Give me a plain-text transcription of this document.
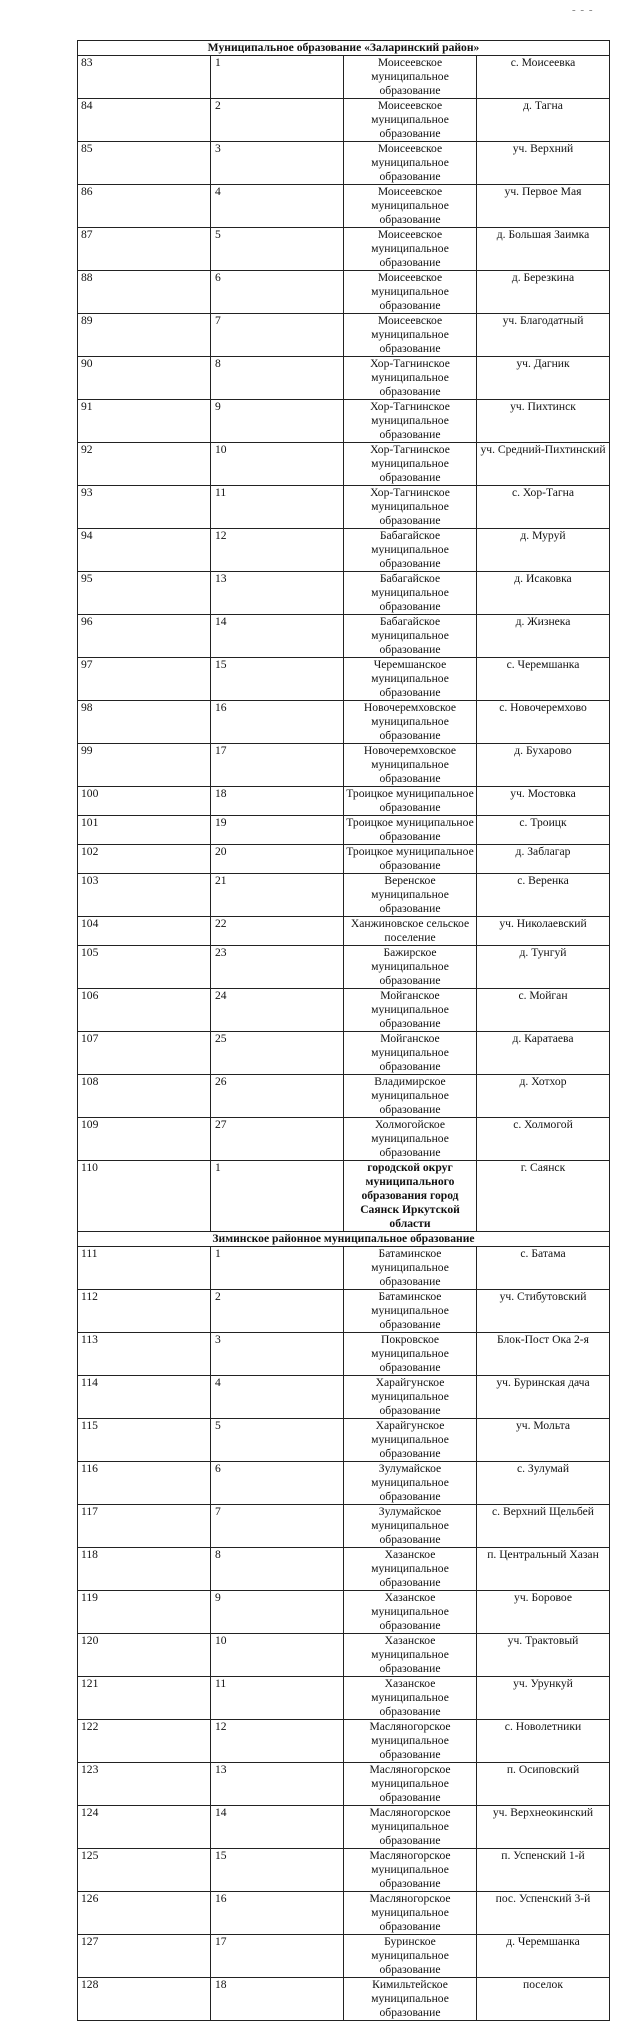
- - -
Муниципальное образование «Заларинский район»			
83	1	Моисеевское муниципальное образование	с. Моисеевка
84	2	Моисеевское муниципальное образование	д. Тагна
85	3	Моисеевское муниципальное образование	уч. Верхний
86	4	Моисеевское муниципальное образование	уч. Первое Мая
87	5	Моисеевское муниципальное образование	д. Большая Заимка
88	6	Моисеевское муниципальное образование	д. Березкина
89	7	Моисеевское муниципальное образование	уч. Благодатный
90	8	Хор-Тагнинское муниципальное образование	уч. Дагник
91	9	Хор-Тагнинское муниципальное образование	уч. Пихтинск
92	10	Хор-Тагнинское муниципальное образование	уч. Средний-Пихтинский
93	11	Хор-Тагнинское муниципальное образование	с. Хор-Тагна
94	12	Бабагайское муниципальное образование	д. Муруй
95	13	Бабагайское муниципальное образование	д. Исаковка
96	14	Бабагайское муниципальное образование	д. Жизнека
97	15	Черемшанское муниципальное образование	с. Черемшанка
98	16	Новочеремховское муниципальное образование	с. Новочеремхово
99	17	Новочеремховское муниципальное образование	д. Бухарово
100	18	Троицкое муниципальное образование	уч. Мостовка
101	19	Троицкое муниципальное образование	с. Троицк
102	20	Троицкое муниципальное образование	д. Заблагар
103	21	Веренское муниципальное образование	с. Веренка
104	22	Ханжиновское сельское поселение	уч. Николаевский
105	23	Бажирское муниципальное образование	д. Тунгуй
106	24	Мойганское муниципальное образование	с. Мойган
107	25	Мойганское муниципальное образование	д. Каратаева
108	26	Владимирское муниципальное образование	д. Хотхор
109	27	Холмогойское муниципальное образование	с. Холмогой
110	1	городской округ муниципального образования город Саянск Иркутской области	г. Саянск
Зиминское районное муниципальное образование			
111	1	Батаминское муниципальное образование	с. Батама
112	2	Батаминское муниципальное образование	уч. Стибутовский
113	3	Покровское муниципальное образование	Блок-Пост Ока 2-я
114	4	Харайгунское муниципальное образование	уч. Буринская дача
115	5	Харайгунское муниципальное образование	уч. Мольта
116	6	Зулумайское муниципальное образование	с. Зулумай
117	7	Зулумайское муниципальное образование	с. Верхний Щельбей
118	8	Хазанское муниципальное образование	п. Центральный Хазан
119	9	Хазанское муниципальное образование	уч. Боровое
120	10	Хазанское муниципальное образование	уч. Трактовый
121	11	Хазанское муниципальное образование	уч. Урункуй
122	12	Масляногорское муниципальное образование	с. Новолетники
123	13	Масляногорское муниципальное образование	п. Осиповский
124	14	Масляногорское муниципальное образование	уч. Верхнеокинский
125	15	Масляногорское муниципальное образование	п. Успенский 1-й
126	16	Масляногорское муниципальное образование	пос. Успенский 3-й
127	17	Буринское муниципальное образование	д. Черемшанка
128	18	Кимильтейское муниципальное образование	поселок
